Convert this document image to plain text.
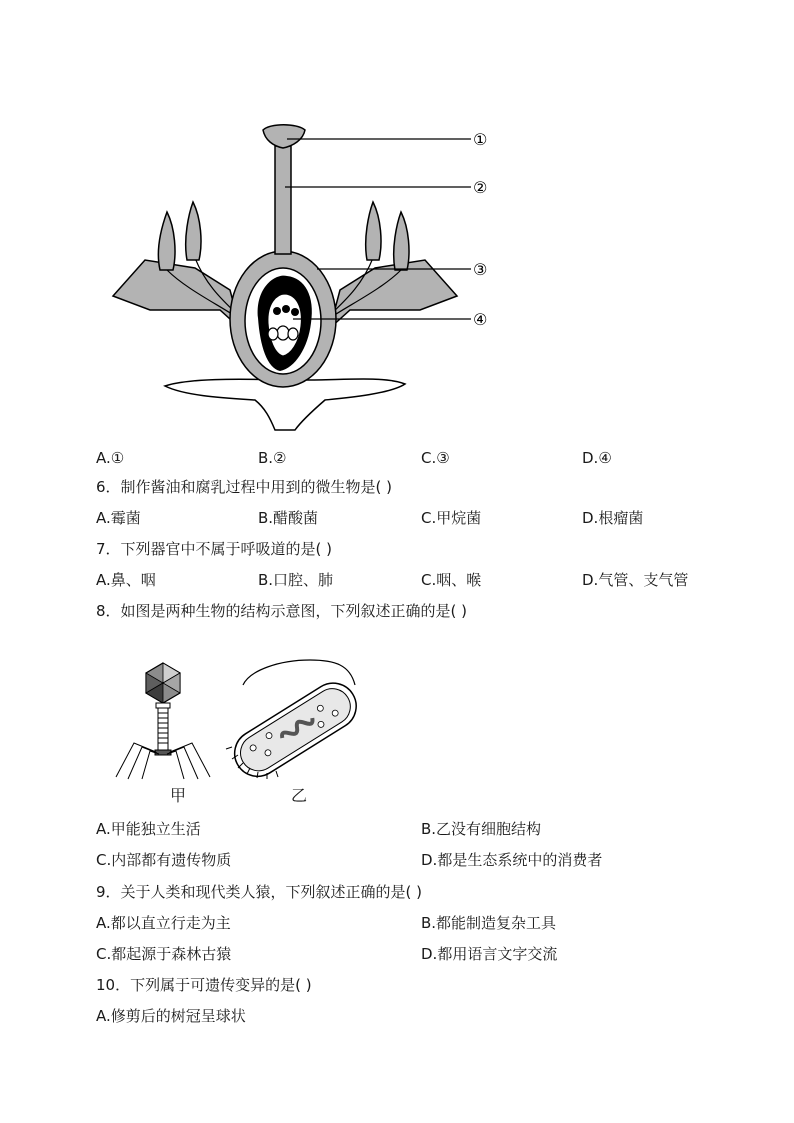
①
②
③
④
A.①	B.②	C.③	D.④
6．制作酱油和腐乳过程中用到的微生物是( )
A.霉菌	B.醋酸菌	C.甲烷菌	D.根瘤菌
7．下列器官中不属于呼吸道的是( )
A.鼻、咽	B.口腔、肺	C.咽、喉	D.气管、支气管
8．如图是两种生物的结构示意图，下列叙述正确的是( )
甲	乙
A.甲能独立生活	B.乙没有细胞结构
C.内部都有遗传物质	D.都是生态系统中的消费者
9．关于人类和现代类人猿，下列叙述正确的是( )
A.都以直立行走为主	B.都能制造复杂工具
C.都起源于森林古猿	D.都用语言文字交流
10．下列属于可遗传变异的是( )
A.修剪后的树冠呈球状
